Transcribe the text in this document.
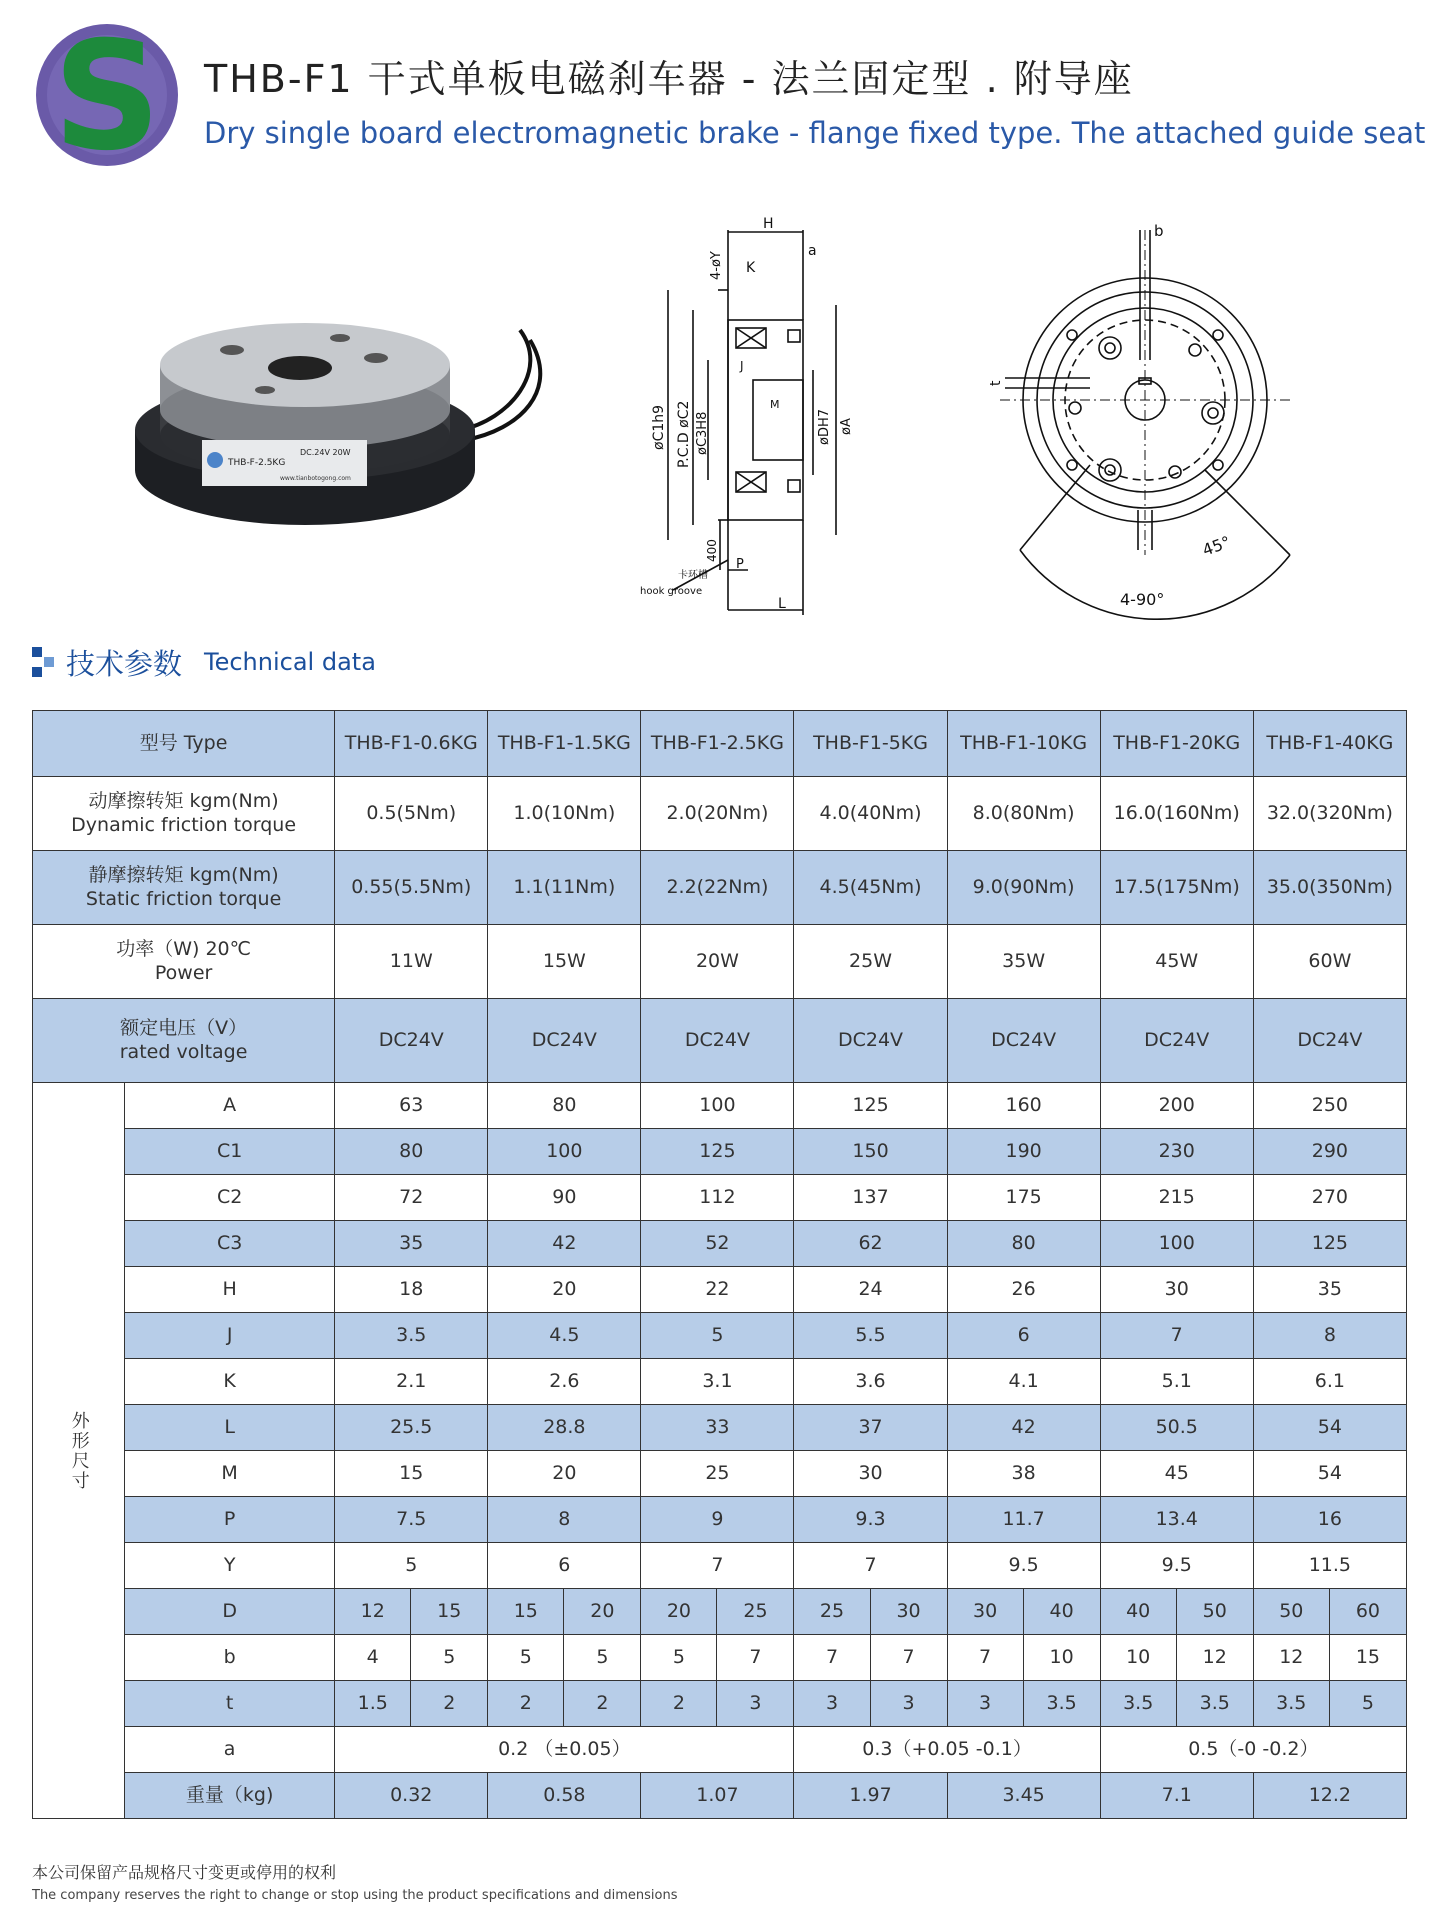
S THB-F1 干式单板电磁刹车器 - 法兰固定型 . 附导座
Dry single board electromagnetic brake - flange fixed type. The attached guide seat
THB-F-2.5KG
DC.24V 20W
www.tianbotogong.com
H
a
K
4-øY
øC1h9 P.C.D øC2 øC3H8
M
øDH7 øA
J
400
P
L
卡环槽
hook groove
b
t
45°
4-90°
技术参数 Technical data
型号 Type		THB-F1-0.6KG		THB-F1-1.5KG		THB-F1-2.5KG		THB-F1-5KG		THB-F1-10KG		THB-F1-20KG		THB-F1-40KG	
动摩擦转矩 kgm(Nm)
Dynamic friction torque		0.5(5Nm)		1.0(10Nm)		2.0(20Nm)		4.0(40Nm)		8.0(80Nm)		16.0(160Nm)		32.0(320Nm)	
静摩擦转矩 kgm(Nm)
Static friction torque		0.55(5.5Nm)		1.1(11Nm)		2.2(22Nm)		4.5(45Nm)		9.0(90Nm)		17.5(175Nm)		35.0(350Nm)	
功率（W) 20℃
Power		11W		15W		20W		25W		35W		45W		60W	
额定电压（V）
rated voltage		DC24V		DC24V		DC24V		DC24V		DC24V		DC24V		DC24V	
外形尺寸	A	63		80		100		125		160		200		250	
	C1	80		100		125		150		190		230		290	
	C2	72		90		112		137		175		215		270	
	C3	35		42		52		62		80		100		125	
	H	18		20		22		24		26		30		35	
	J	3.5		4.5		5		5.5		6		7		8	
	K	2.1		2.6		3.1		3.6		4.1		5.1		6.1	
	L	25.5		28.8		33		37		42		50.5		54	
	M	15		20		25		30		38		45		54	
	P	7.5		8		9		9.3		11.7		13.4		16	
	Y	5		6		7		7		9.5		9.5		11.5	
	D	12	15	15	20	20	25	25	30	30	40	40	50	50	60
	b	4	5	5	5	5	7	7	7	7	10	10	12	12	15
	t	1.5	2	2	2	2	3	3	3	3	3.5	3.5	3.5	3.5	5
	a	0.2 （±0.05）						0.3（+0.05 -0.1）				0.5（-0 -0.2）			
	重量（kg)	0.32		0.58		1.07		1.97		3.45		7.1		12.2	
本公司保留产品规格尺寸变更或停用的权利
The company reserves the right to change or stop using the product specifications and dimensions
